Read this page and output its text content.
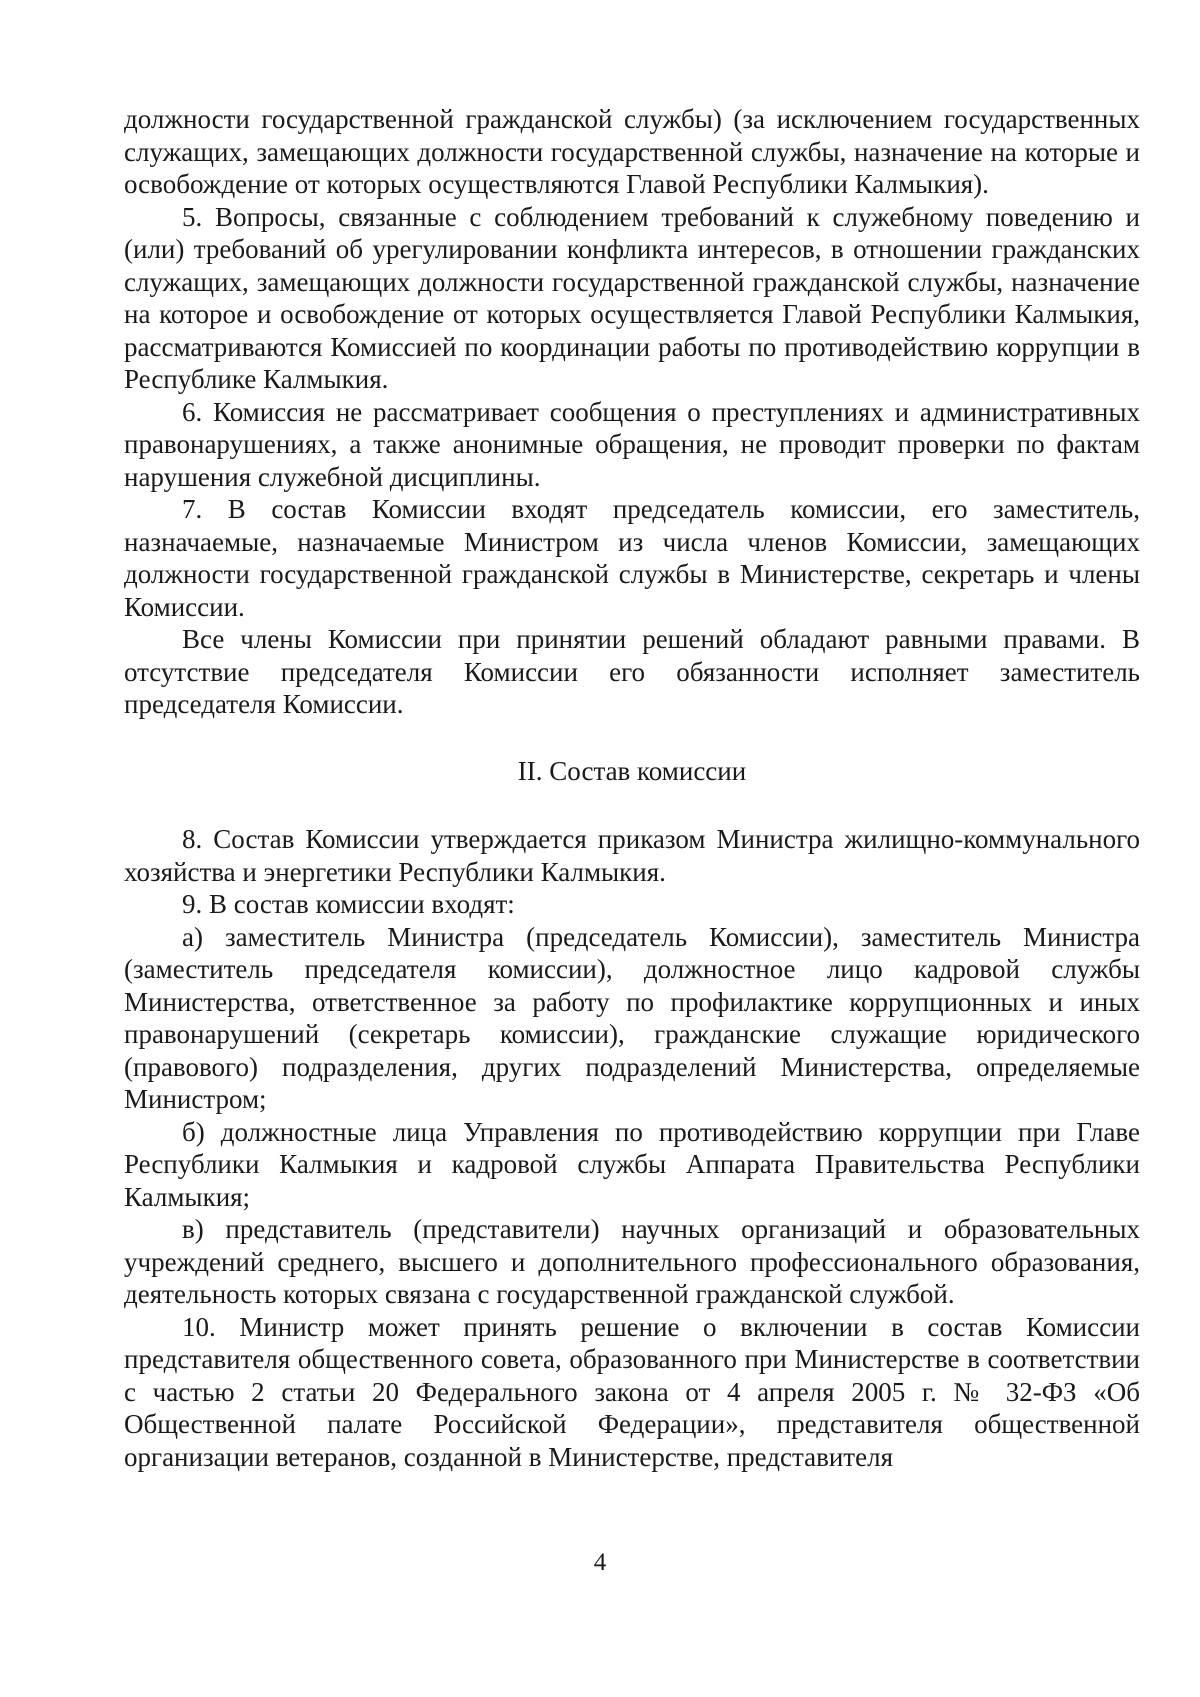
должности государственной гражданской службы) (за исключением государственных служащих, замещающих должности государственной службы, назначение на которые и освобождение от которых осуществляются Главой Республики Калмыкия).

5. Вопросы, связанные с соблюдением требований к служебному поведению и (или) требований об урегулировании конфликта интересов, в отношении гражданских служащих, замещающих должности государственной гражданской службы, назначение на которое и освобождение от которых осуществляется Главой Республики Калмыкия, рассматриваются Комиссией по координации работы по противодействию коррупции в Республике Калмыкия.

6. Комиссия не рассматривает сообщения о преступлениях и административных правонарушениях, а также анонимные обращения, не проводит проверки по фактам нарушения служебной дисциплины.

7. В состав Комиссии входят председатель комиссии, его заместитель, назначаемые, назначаемые Министром из числа членов Комиссии, замещающих должности государственной гражданской службы в Министерстве, секретарь и члены Комиссии.

Все члены Комиссии при принятии решений обладают равными правами. В отсутствие председателя Комиссии его обязанности исполняет заместитель председателя Комиссии.

II. Состав комиссии

8. Состав Комиссии утверждается приказом Министра жилищно-коммунального хозяйства и энергетики Республики Калмыкия.

9. В состав комиссии входят:

а) заместитель Министра (председатель Комиссии), заместитель Министра (заместитель председателя комиссии), должностное лицо кадровой службы Министерства, ответственное за работу по профилактике коррупционных и иных правонарушений (секретарь комиссии), гражданские служащие юридического (правового) подразделения, других подразделений Министерства, определяемые Министром;

б) должностные лица Управления по противодействию коррупции при Главе Республики Калмыкия и кадровой службы Аппарата Правительства Республики Калмыкия;

в) представитель (представители) научных организаций и образовательных учреждений среднего, высшего и дополнительного профессионального образования, деятельность которых связана с государственной гражданской службой.

10. Министр может принять решение о включении в состав Комиссии представителя общественного совета, образованного при Министерстве в соответствии с частью 2 статьи 20 Федерального закона от 4 апреля 2005 г. № 32-ФЗ «Об Общественной палате Российской Федерации», представителя общественной организации ветеранов, созданной в Министерстве, представителя

4
